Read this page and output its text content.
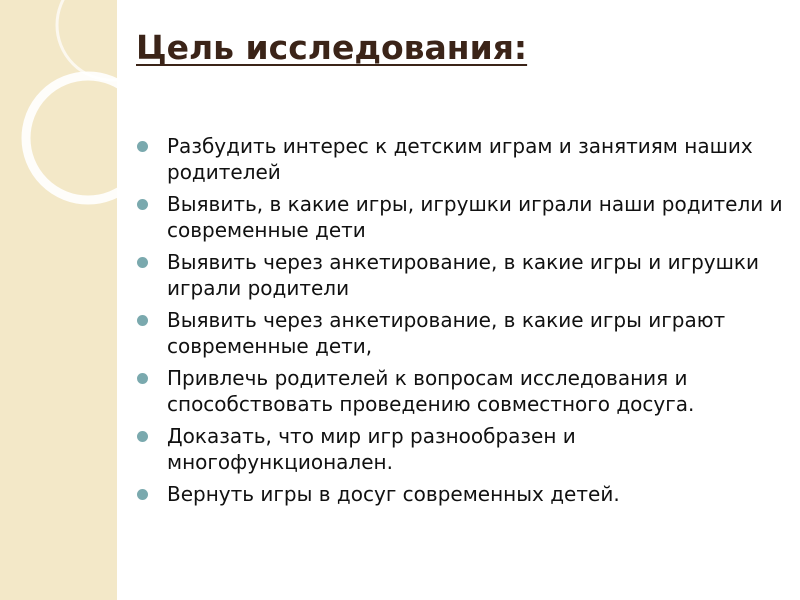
Цель исследования:
Разбудить интерес к детским играм и занятиям наших родителей
Выявить, в какие игры, игрушки играли наши родители и современные дети
Выявить через анкетирование, в какие игры и игрушки играли родители
Выявить через анкетирование, в какие игры играют современные дети,
Привлечь родителей к вопросам исследования и способствовать проведению совместного досуга.
Доказать, что мир игр разнообразен и многофункционален.
Вернуть игры в досуг современных детей.
